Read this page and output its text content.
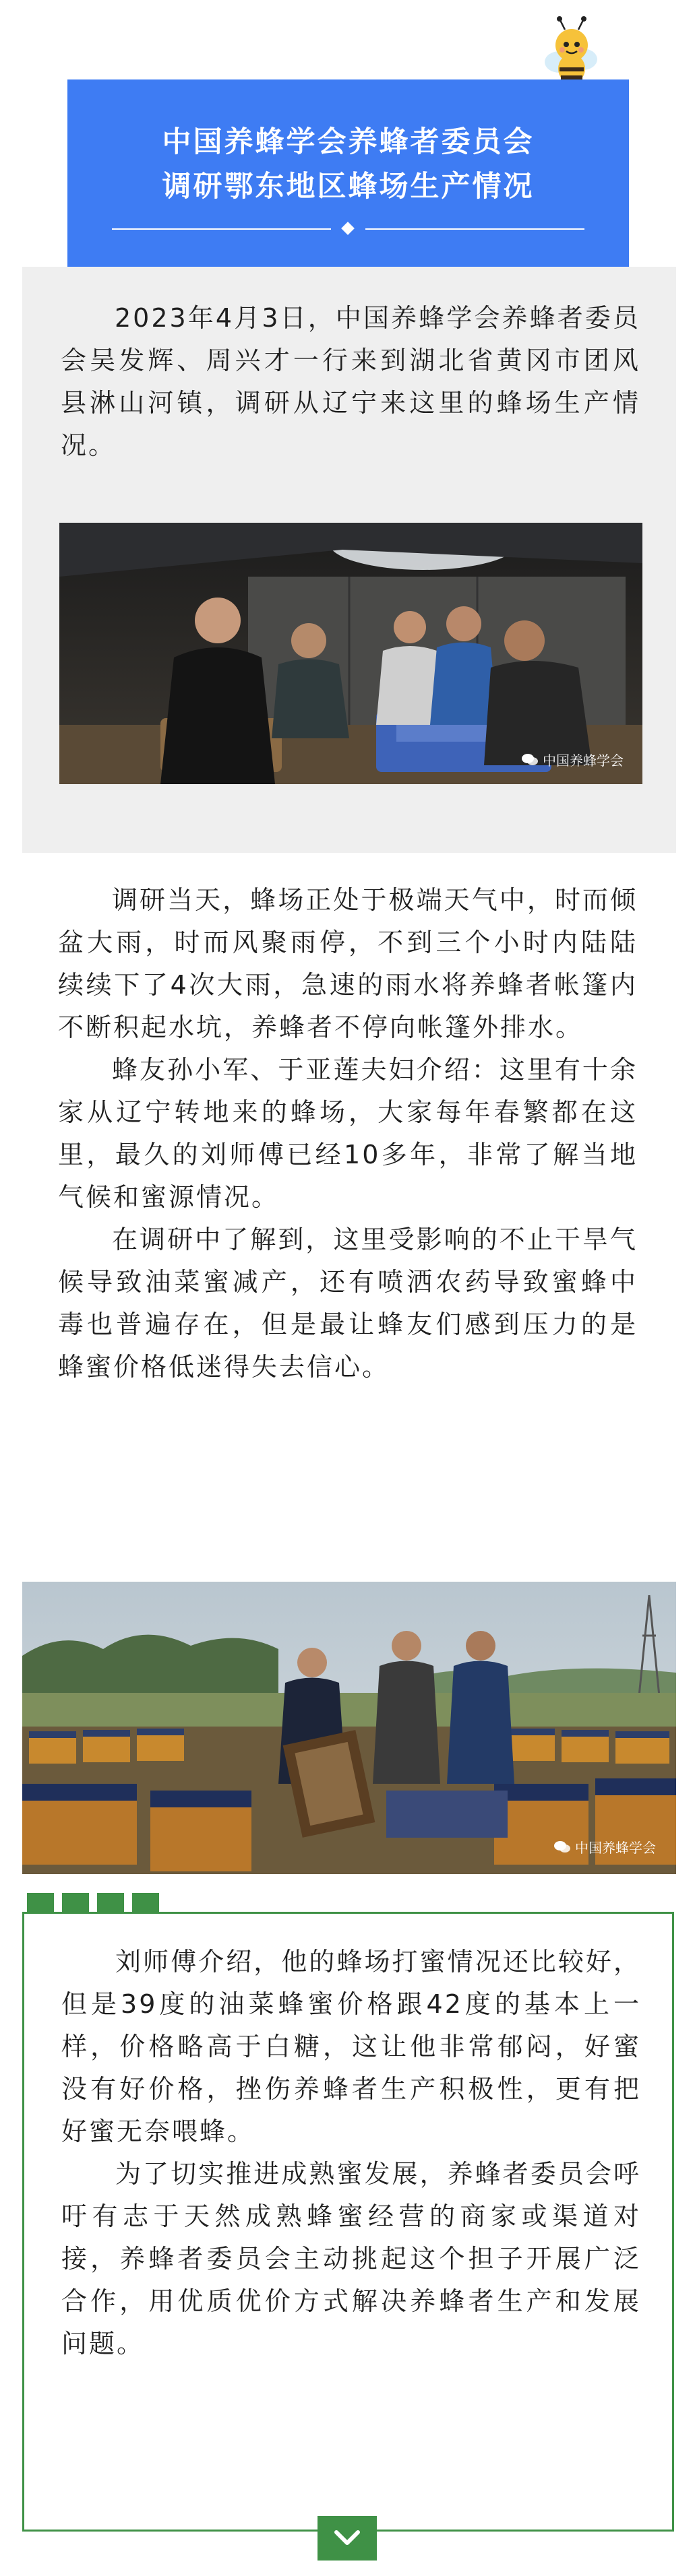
中国养蜂学会养蜂者委员会
调研鄂东地区蜂场生产情况

2023年4月3日，中国养蜂学会养蜂者委员会吴发辉、周兴才一行来到湖北省黄冈市团风县淋山河镇，调研从辽宁来这里的蜂场生产情况。

中国养蜂学会

调研当天，蜂场正处于极端天气中，时而倾盆大雨，时而风聚雨停，不到三个小时内陆陆续续下了4次大雨，急速的雨水将养蜂者帐篷内不断积起水坑，养蜂者不停向帐篷外排水。

蜂友孙小军、于亚莲夫妇介绍：这里有十余家从辽宁转地来的蜂场，大家每年春繁都在这里，最久的刘师傅已经10多年，非常了解当地气候和蜜源情况。

在调研中了解到，这里受影响的不止干旱气候导致油菜蜜减产，还有喷洒农药导致蜜蜂中毒也普遍存在，但是最让蜂友们感到压力的是蜂蜜价格低迷得失去信心。

中国养蜂学会

刘师傅介绍，他的蜂场打蜜情况还比较好，但是39度的油菜蜂蜜价格跟42度的基本上一样，价格略高于白糖，这让他非常郁闷，好蜜没有好价格，挫伤养蜂者生产积极性，更有把好蜜无奈喂蜂。

为了切实推进成熟蜜发展，养蜂者委员会呼吁有志于天然成熟蜂蜜经营的商家或渠道对接，养蜂者委员会主动挑起这个担子开展广泛合作，用优质优价方式解决养蜂者生产和发展问题。
